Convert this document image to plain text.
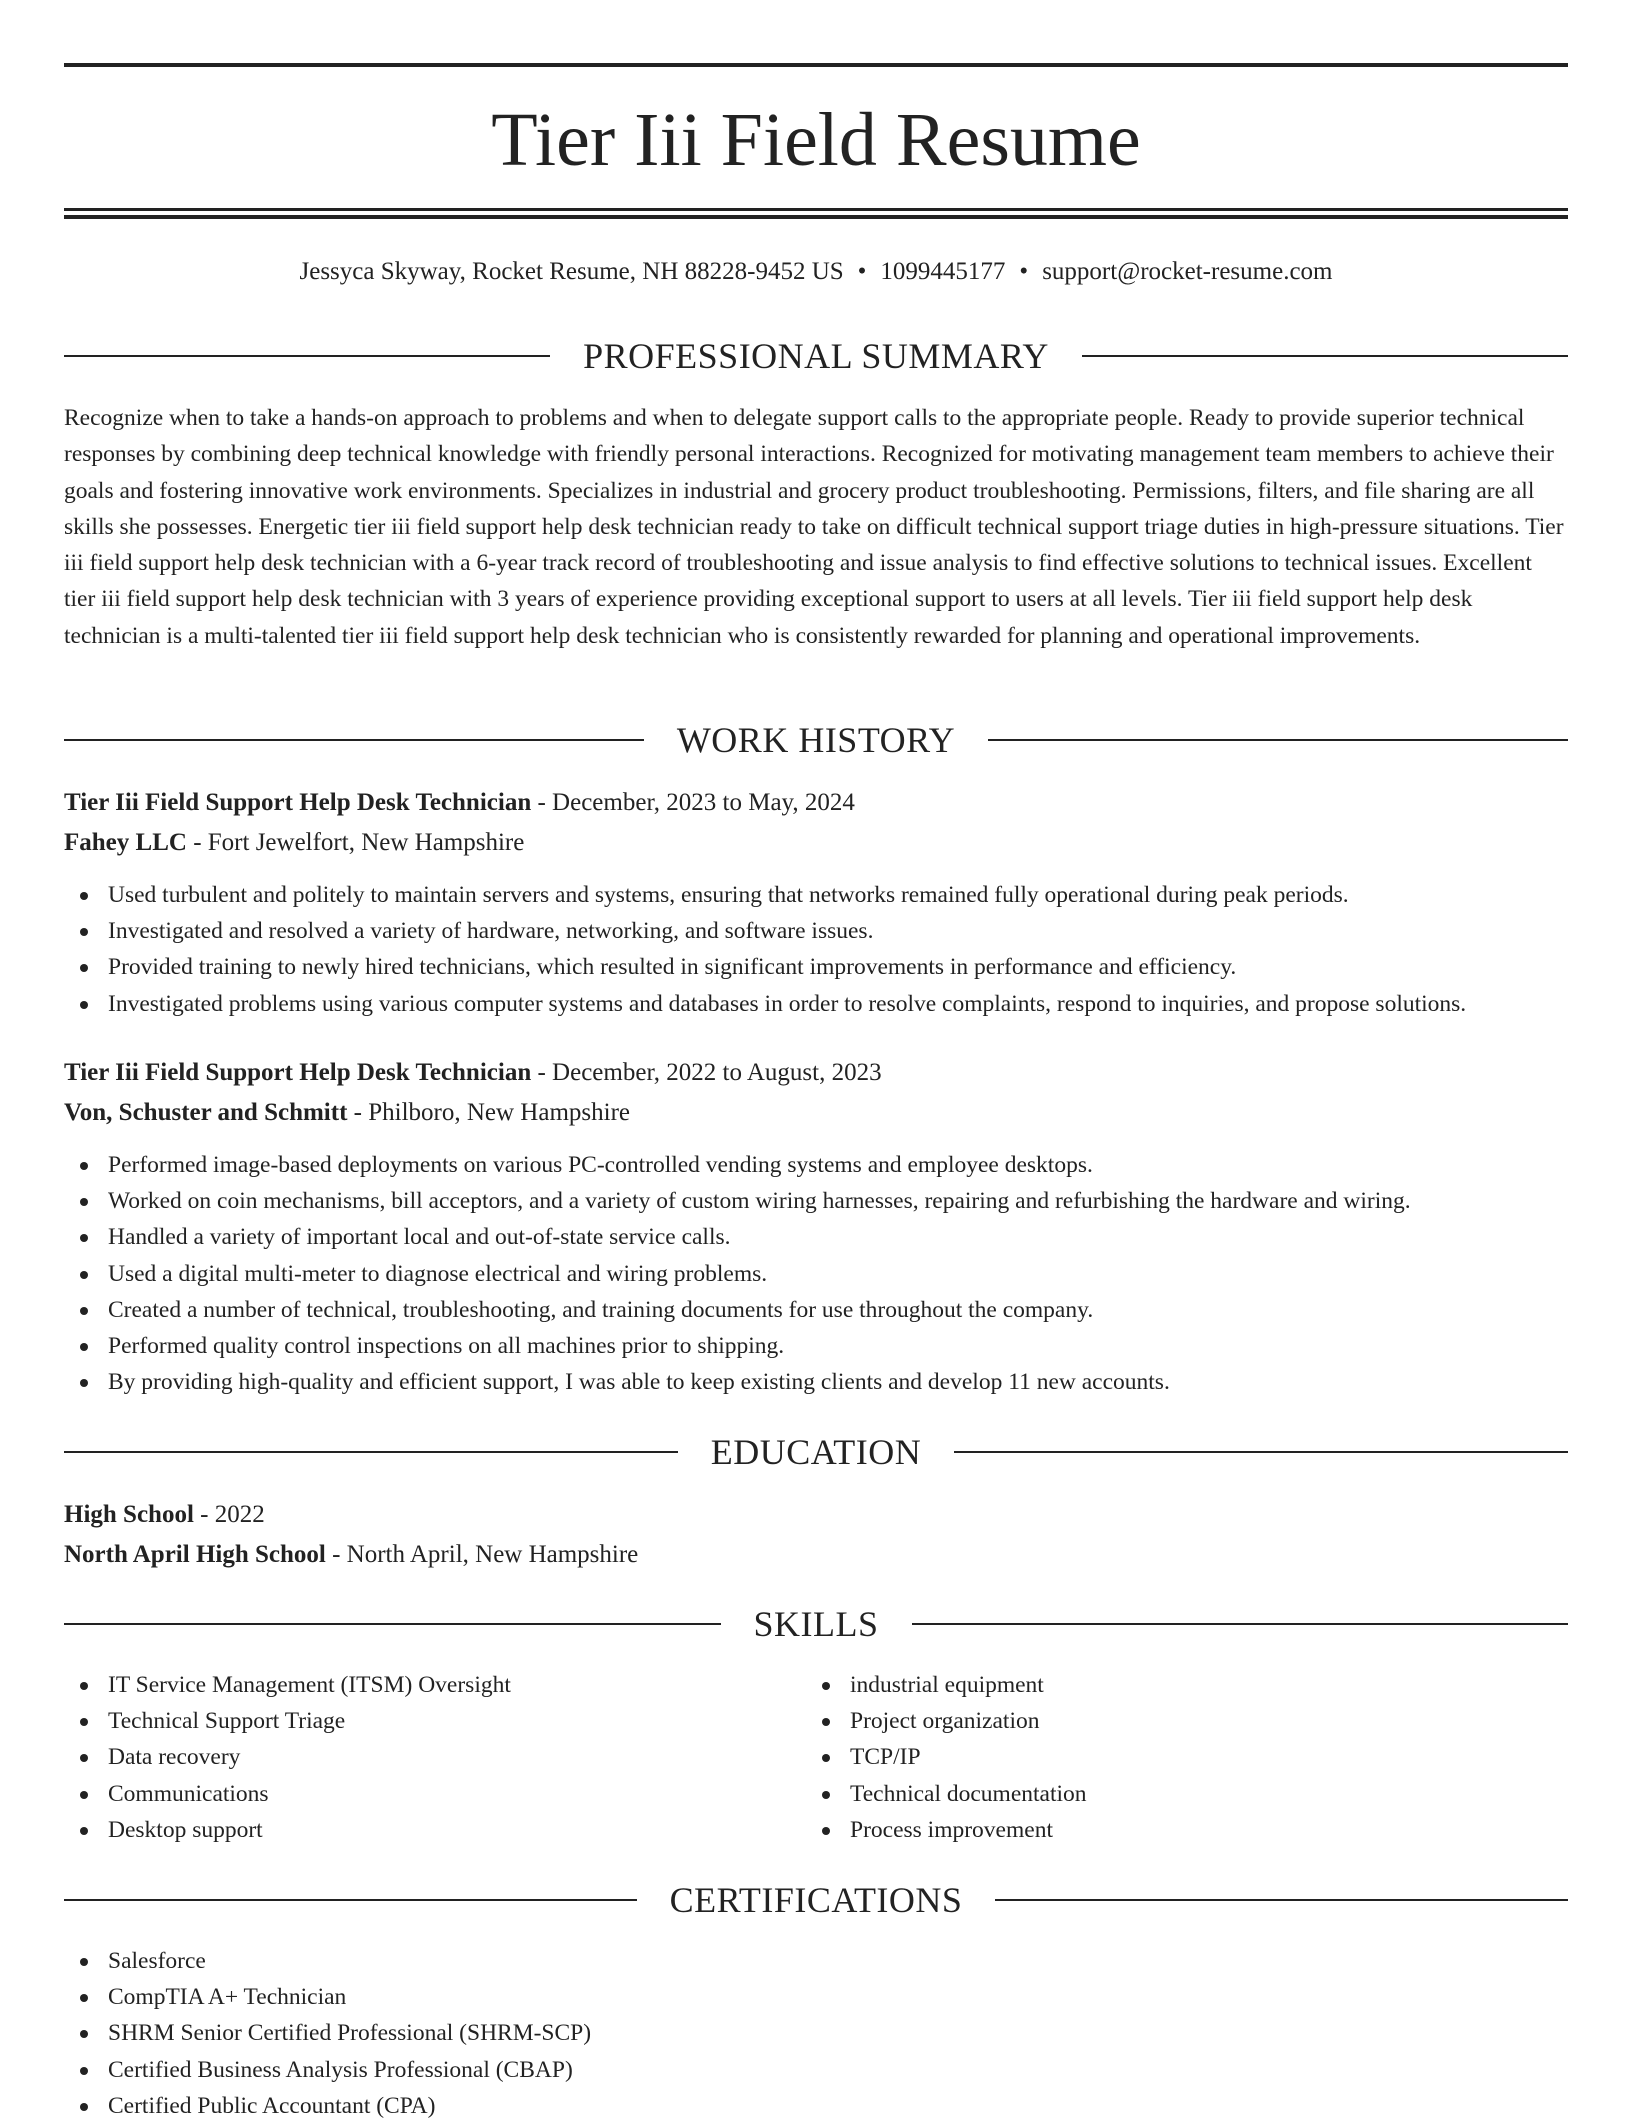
Tier Iii Field Resume
Jessyca Skyway, Rocket Resume, NH 88228-9452 US • 1099445177 • support@rocket-resume.com
PROFESSIONAL SUMMARY

Recognize when to take a hands-on approach to problems and when to delegate support calls to the appropriate people. Ready to provide superior technical responses by combining deep technical knowledge with friendly personal interactions. Recognized for motivating management team members to achieve their goals and fostering innovative work environments. Specializes in industrial and grocery product troubleshooting. Permissions, filters, and file sharing are all skills she possesses. Energetic tier iii field support help desk technician ready to take on difficult technical support triage duties in high-pressure situations. Tier iii field support help desk technician with a 6-year track record of troubleshooting and issue analysis to find effective solutions to technical issues. Excellent tier iii field support help desk technician with 3 years of experience providing exceptional support to users at all levels. Tier iii field support help desk technician is a multi-talented tier iii field support help desk technician who is consistently rewarded for planning and operational improvements.

WORK HISTORY
Tier Iii Field Support Help Desk Technician - December, 2023 to May, 2024
Fahey LLC - Fort Jewelfort, New Hampshire
Used turbulent and politely to maintain servers and systems, ensuring that networks remained fully operational during peak periods.
Investigated and resolved a variety of hardware, networking, and software issues.
Provided training to newly hired technicians, which resulted in significant improvements in performance and efficiency.
Investigated problems using various computer systems and databases in order to resolve complaints, respond to inquiries, and propose solutions.
Tier Iii Field Support Help Desk Technician - December, 2022 to August, 2023
Von, Schuster and Schmitt - Philboro, New Hampshire
Performed image-based deployments on various PC-controlled vending systems and employee desktops.
Worked on coin mechanisms, bill acceptors, and a variety of custom wiring harnesses, repairing and refurbishing the hardware and wiring.
Handled a variety of important local and out-of-state service calls.
Used a digital multi-meter to diagnose electrical and wiring problems.
Created a number of technical, troubleshooting, and training documents for use throughout the company.
Performed quality control inspections on all machines prior to shipping.
By providing high-quality and efficient support, I was able to keep existing clients and develop 11 new accounts.
EDUCATION
High School - 2022
North April High School - North April, New Hampshire
SKILLS
IT Service Management (ITSM) Oversight
Technical Support Triage
Data recovery
Communications
Desktop support
industrial equipment
Project organization
TCP/IP
Technical documentation
Process improvement
CERTIFICATIONS
Salesforce
CompTIA A+ Technician
SHRM Senior Certified Professional (SHRM-SCP)
Certified Business Analysis Professional (CBAP)
Certified Public Accountant (CPA)
